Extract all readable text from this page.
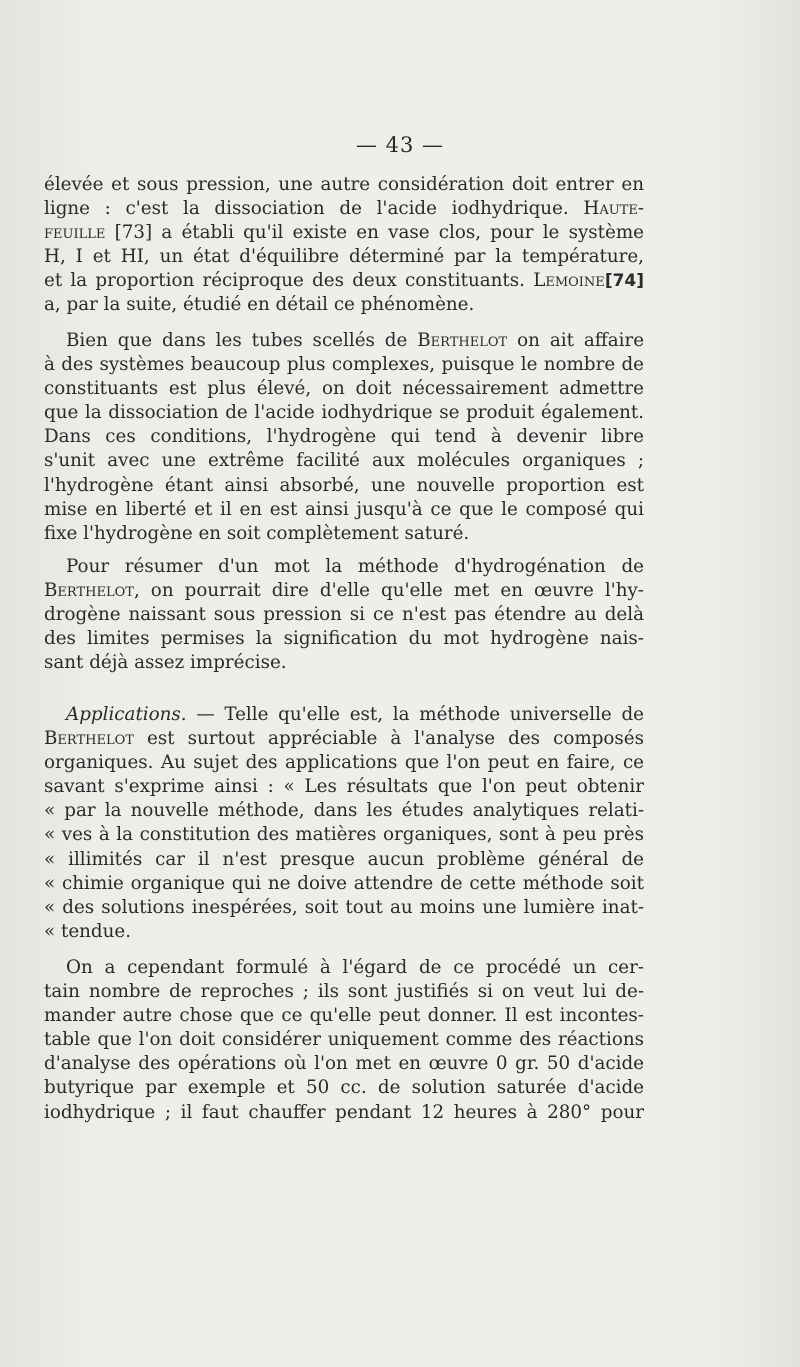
— 43 —
élevée et sous pression, une autre considération doit entrer en
ligne : c'est la dissociation de l'acide iodhydrique. Haute-
feuille [73] a établi qu'il existe en vase clos, pour le système
H, I et HI, un état d'équilibre déterminé par la température,
et la proportion réciproque des deux constituants. Lemoine[74]
a, par la suite, étudié en détail ce phénomène.
Bien que dans les tubes scellés de Berthelot on ait affaire
à des systèmes beaucoup plus complexes, puisque le nombre de
constituants est plus élevé, on doit nécessairement admettre
que la dissociation de l'acide iodhydrique se produit également.
Dans ces conditions, l'hydrogène qui tend à devenir libre
s'unit avec une extrême facilité aux molécules organiques ;
l'hydrogène étant ainsi absorbé, une nouvelle proportion est
mise en liberté et il en est ainsi jusqu'à ce que le composé qui
fixe l'hydrogène en soit complètement saturé.
Pour résumer d'un mot la méthode d'hydrogénation de
Berthelot, on pourrait dire d'elle qu'elle met en œuvre l'hy-
drogène naissant sous pression si ce n'est pas étendre au delà
des limites permises la signification du mot hydrogène nais-
sant déjà assez imprécise.
Applications. — Telle qu'elle est, la méthode universelle de
Berthelot est surtout appréciable à l'analyse des composés
organiques. Au sujet des applications que l'on peut en faire, ce
savant s'exprime ainsi : « Les résultats que l'on peut obtenir
« par la nouvelle méthode, dans les études analytiques relati-
« ves à la constitution des matières organiques, sont à peu près
« illimités car il n'est presque aucun problème général de
« chimie organique qui ne doive attendre de cette méthode soit
« des solutions inespérées, soit tout au moins une lumière inat-
« tendue.
On a cependant formulé à l'égard de ce procédé un cer-
tain nombre de reproches ; ils sont justifiés si on veut lui de-
mander autre chose que ce qu'elle peut donner. Il est incontes-
table que l'on doit considérer uniquement comme des réactions
d'analyse des opérations où l'on met en œuvre 0 gr. 50 d'acide
butyrique par exemple et 50 cc. de solution saturée d'acide
iodhydrique ; il faut chauffer pendant 12 heures à 280° pour
